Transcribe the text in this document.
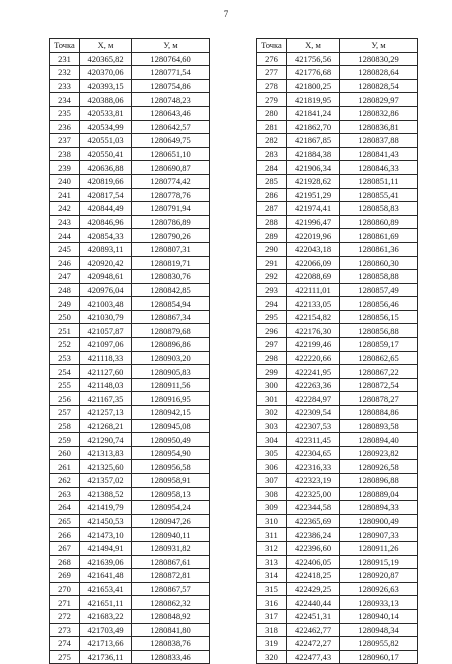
7
Точка	X, м	У, м
231	420365,82	1280764,60
232	420370,06	1280771,54
233	420393,15	1280754,86
234	420388,06	1280748,23
235	420533,81	1280643,46
236	420534,99	1280642,57
237	420551,03	1280649,75
238	420550,41	1280651,10
239	420636,88	1280690,87
240	420819,66	1280774,42
241	420817,54	1280778,76
242	420844,49	1280791,94
243	420846,96	1280786,89
244	420854,33	1280790,26
245	420893,11	1280807,31
246	420920,42	1280819,71
247	420948,61	1280830,76
248	420976,04	1280842,85
249	421003,48	1280854,94
250	421030,79	1280867,34
251	421057,87	1280879,68
252	421097,06	1280896,86
253	421118,33	1280903,20
254	421127,60	1280905,83
255	421148,03	1280911,56
256	421167,35	1280916,95
257	421257,13	1280942,15
258	421268,21	1280945,08
259	421290,74	1280950,49
260	421313,83	1280954,90
261	421325,60	1280956,58
262	421357,02	1280958,91
263	421388,52	1280958,13
264	421419,79	1280954,24
265	421450,53	1280947,26
266	421473,10	1280940,11
267	421494,91	1280931,82
268	421639,06	1280867,61
269	421641,48	1280872,81
270	421653,41	1280867,57
271	421651,11	1280862,32
272	421683,22	1280848,92
273	421703,49	1280841,80
274	421713,66	1280838,76
275	421736,11	1280833,46
Точка	X, м	У, м
276	421756,56	1280830,29
277	421776,68	1280828,64
278	421800,25	1280828,54
279	421819,95	1280829,97
280	421841,24	1280832,86
281	421862,70	1280836,81
282	421867,85	1280837,88
283	421884,38	1280841,43
284	421906,34	1280846,33
285	421928,62	1280851,11
286	421951,29	1280855,41
287	421974,41	1280858,83
288	421996,47	1280860,89
289	422019,96	1280861,69
290	422043,18	1280861,36
291	422066,09	1280860,30
292	422088,69	1280858,88
293	422111,01	1280857,49
294	422133,05	1280856,46
295	422154,82	1280856,15
296	422176,30	1280856,88
297	422199,46	1280859,17
298	422220,66	1280862,65
299	422241,95	1280867,22
300	422263,36	1280872,54
301	422284,97	1280878,27
302	422309,54	1280884,86
303	422307,53	1280893,58
304	422311,45	1280894,40
305	422304,65	1280923,82
306	422316,33	1280926,58
307	422323,19	1280896,88
308	422325,00	1280889,04
309	422344,58	1280894,33
310	422365,69	1280900,49
311	422386,24	1280907,33
312	422396,60	1280911,26
313	422406,05	1280915,19
314	422418,25	1280920,87
315	422429,25	1280926,63
316	422440,44	1280933,13
317	422451,31	1280940,14
318	422462,77	1280948,34
319	422472,27	1280955,82
320	422477,43	1280960,17
